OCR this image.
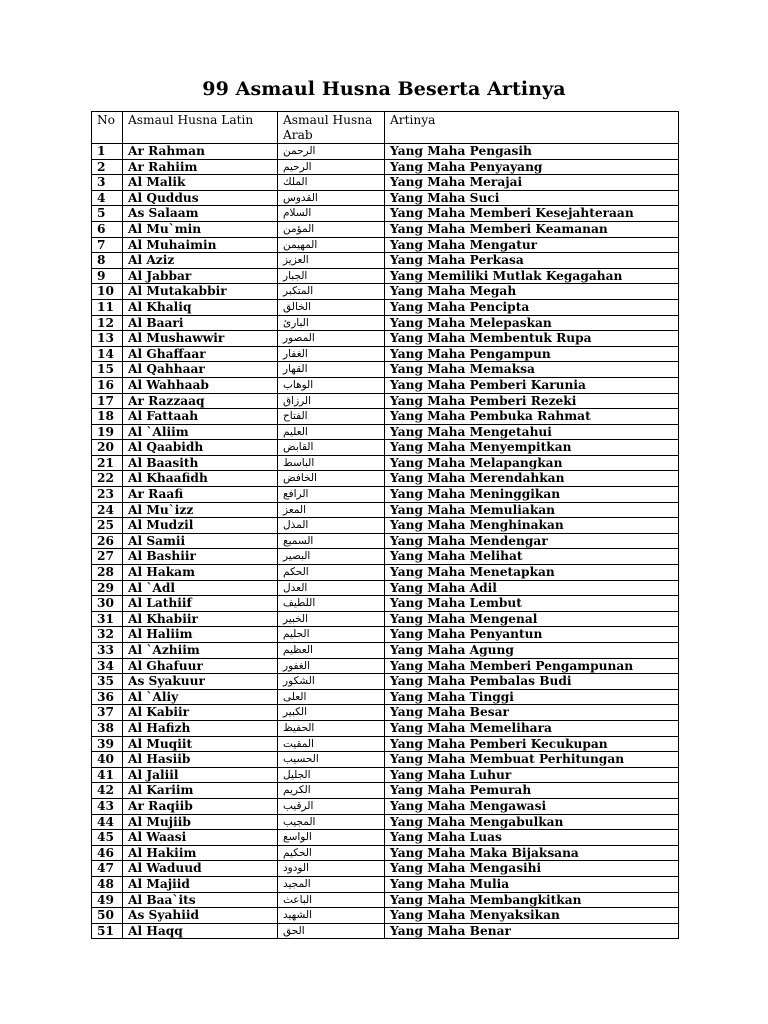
99 Asmaul Husna Beserta Artinya
No	Asmaul Husna Latin	Asmaul Husna Arab	Artinya
1	Ar Rahman	الرحمن	Yang Maha Pengasih
2	Ar Rahiim	الرحيم	Yang Maha Penyayang
3	Al Malik	الملك	Yang Maha Merajai
4	Al Quddus	القدوس	Yang Maha Suci
5	As Salaam	السلام	Yang Maha Memberi Kesejahteraan
6	Al Mu`min	المؤمن	Yang Maha Memberi Keamanan
7	Al Muhaimin	المهيمن	Yang Maha Mengatur
8	Al Aziz	العزيز	Yang Maha Perkasa
9	Al Jabbar	الجبار	Yang Memiliki Mutlak Kegagahan
10	Al Mutakabbir	المتكبر	Yang Maha Megah
11	Al Khaliq	الخالق	Yang Maha Pencipta
12	Al Baari	البارئ	Yang Maha Melepaskan
13	Al Mushawwir	المصور	Yang Maha Membentuk Rupa
14	Al Ghaffaar	الغفار	Yang Maha Pengampun
15	Al Qahhaar	القهار	Yang Maha Memaksa
16	Al Wahhaab	الوهاب	Yang Maha Pemberi Karunia
17	Ar Razzaaq	الرزاق	Yang Maha Pemberi Rezeki
18	Al Fattaah	الفتاح	Yang Maha Pembuka Rahmat
19	Al `Aliim	العليم	Yang Maha Mengetahui
20	Al Qaabidh	القابض	Yang Maha Menyempitkan
21	Al Baasith	الباسط	Yang Maha Melapangkan
22	Al Khaafidh	الخافض	Yang Maha Merendahkan
23	Ar Raafi	الرافع	Yang Maha Meninggikan
24	Al Mu`izz	المعز	Yang Maha Memuliakan
25	Al Mudzil	المذل	Yang Maha Menghinakan
26	Al Samii	السميع	Yang Maha Mendengar
27	Al Bashiir	البصير	Yang Maha Melihat
28	Al Hakam	الحكم	Yang Maha Menetapkan
29	Al `Adl	العدل	Yang Maha Adil
30	Al Lathiif	اللطيف	Yang Maha Lembut
31	Al Khabiir	الخبير	Yang Maha Mengenal
32	Al Haliim	الحليم	Yang Maha Penyantun
33	Al `Azhiim	العظيم	Yang Maha Agung
34	Al Ghafuur	الغفور	Yang Maha Memberi Pengampunan
35	As Syakuur	الشكور	Yang Maha Pembalas Budi
36	Al `Aliy	العلى	Yang Maha Tinggi
37	Al Kabiir	الكبير	Yang Maha Besar
38	Al Hafizh	الحفيظ	Yang Maha Memelihara
39	Al Muqiit	المقيت	Yang Maha Pemberi Kecukupan
40	Al Hasiib	الحسيب	Yang Maha Membuat Perhitungan
41	Al Jaliil	الجليل	Yang Maha Luhur
42	Al Kariim	الكريم	Yang Maha Pemurah
43	Ar Raqiib	الرقيب	Yang Maha Mengawasi
44	Al Mujiib	المجيب	Yang Maha Mengabulkan
45	Al Waasi	الواسع	Yang Maha Luas
46	Al Hakiim	الحكيم	Yang Maha Maka Bijaksana
47	Al Waduud	الودود	Yang Maha Mengasihi
48	Al Majiid	المجيد	Yang Maha Mulia
49	Al Baa`its	الباعث	Yang Maha Membangkitkan
50	As Syahiid	الشهيد	Yang Maha Menyaksikan
51	Al Haqq	الحق	Yang Maha Benar
